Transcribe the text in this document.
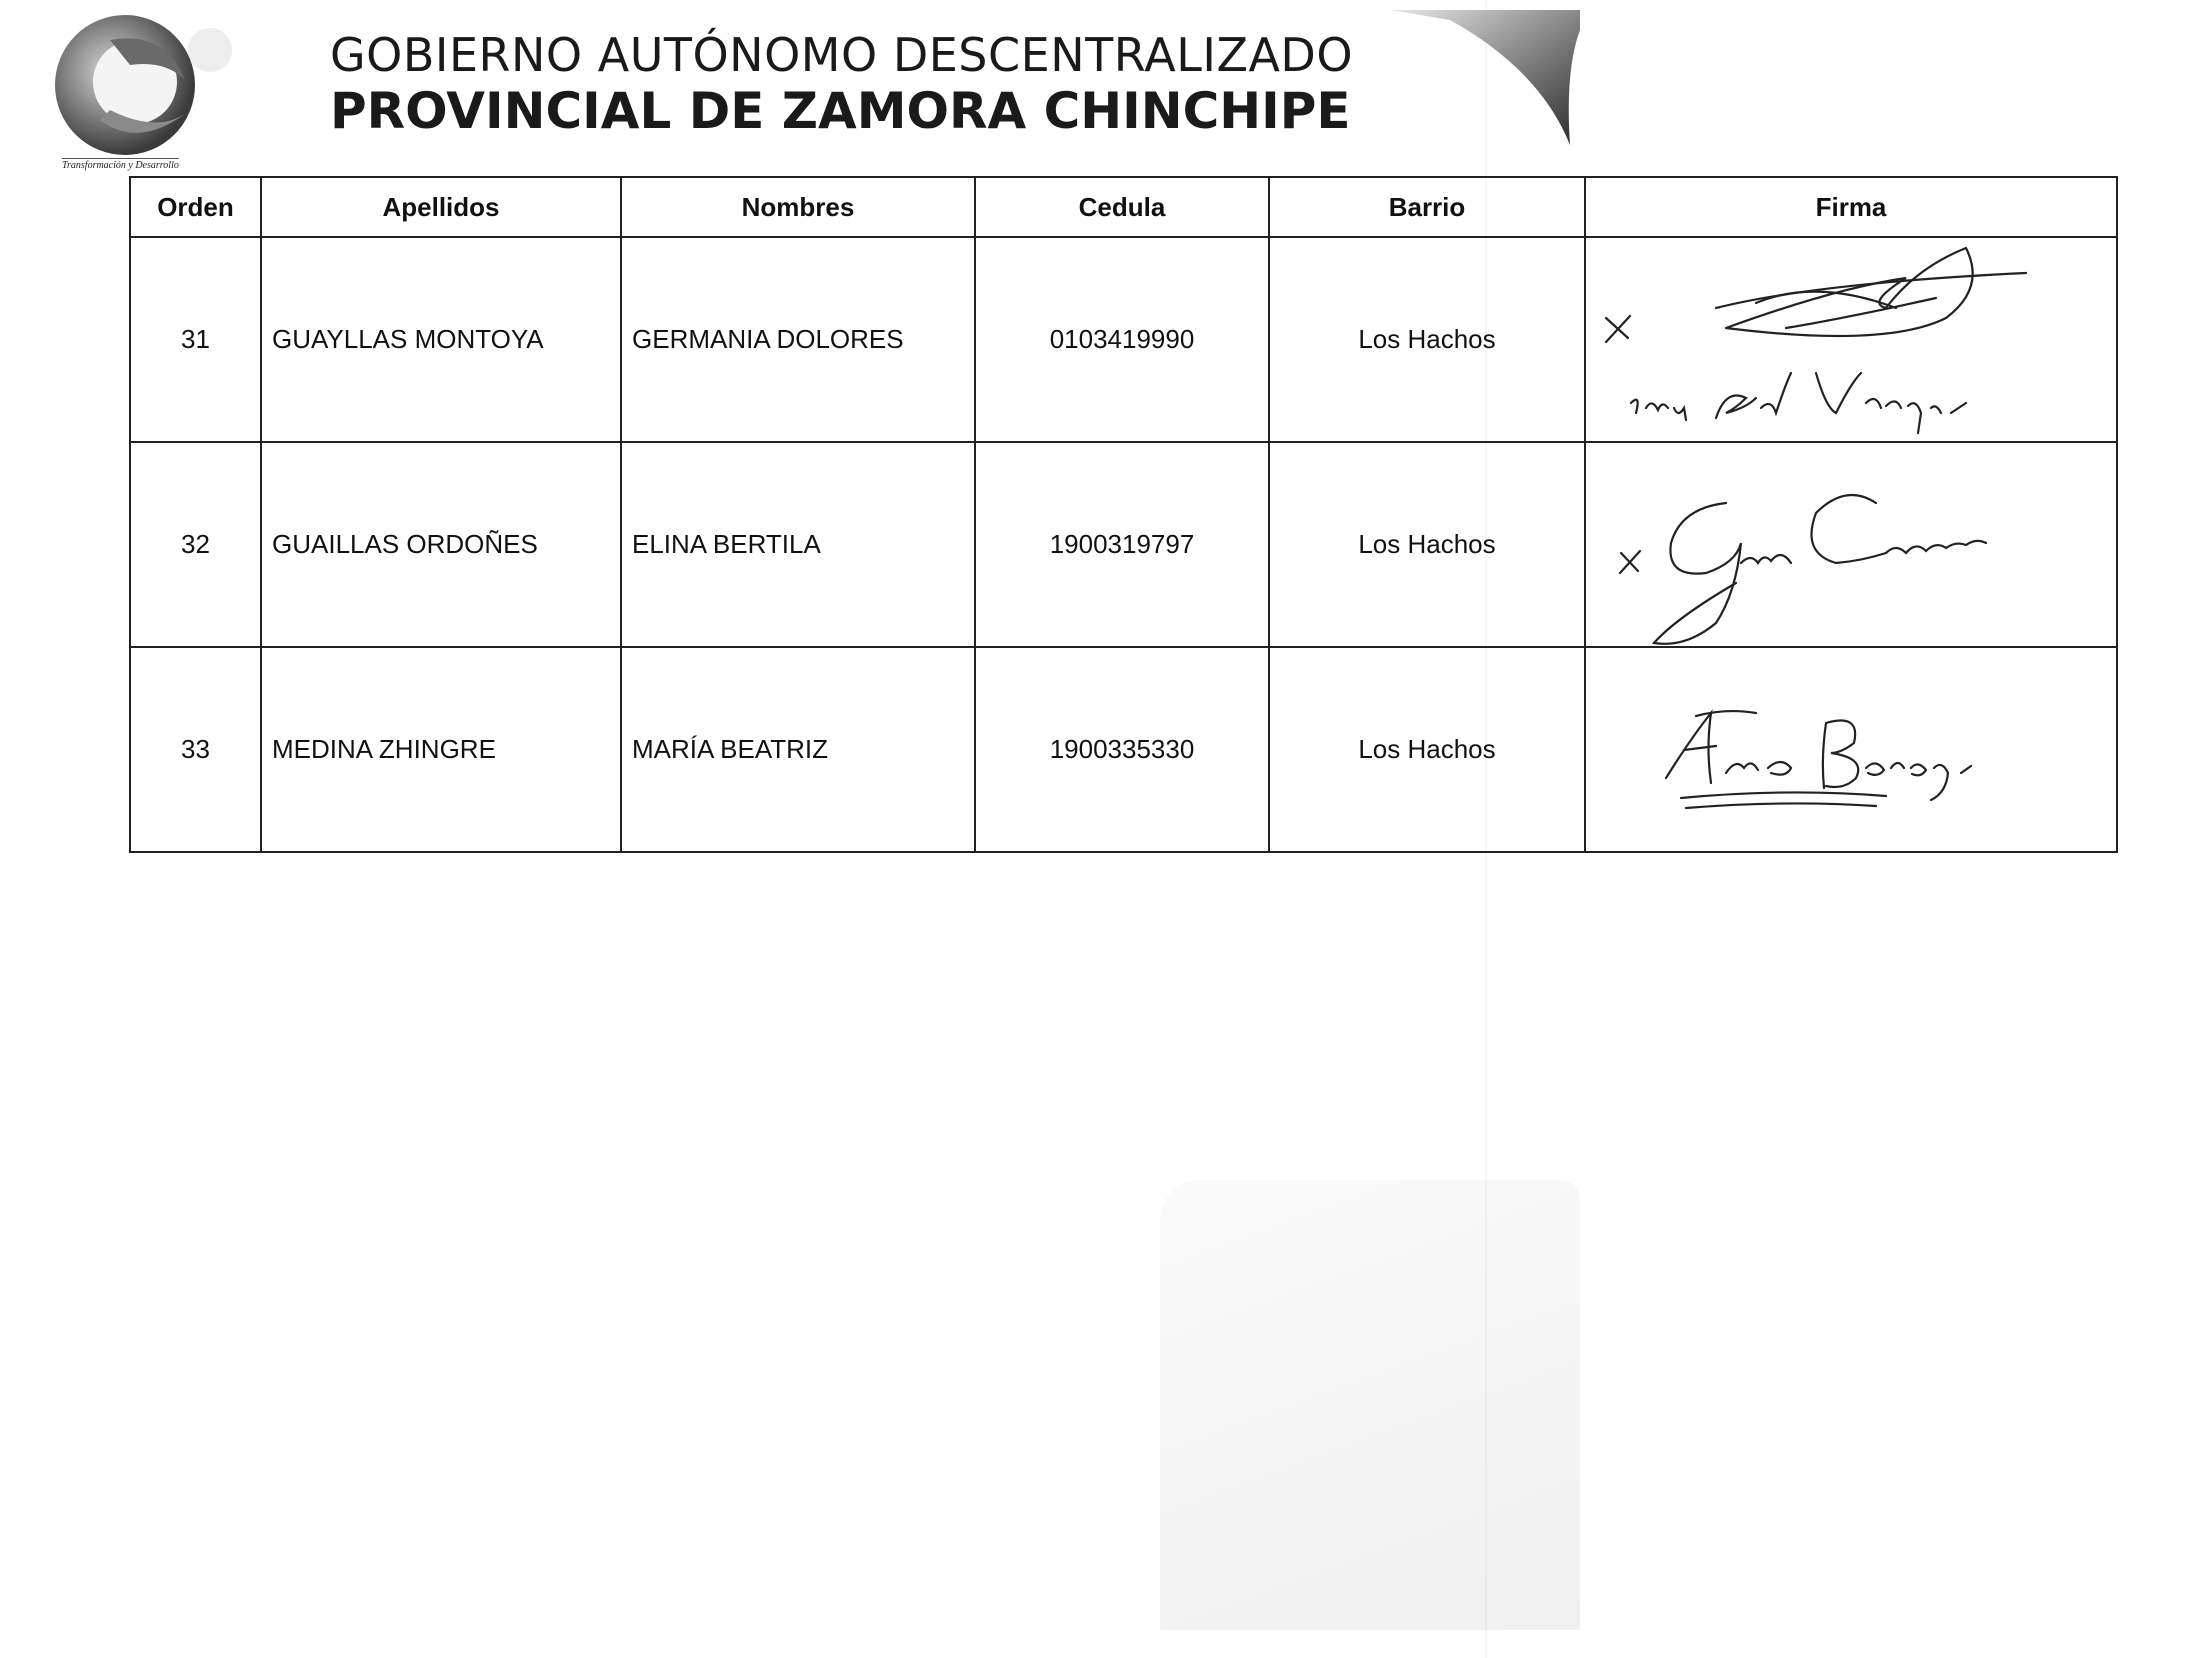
Transformación y Desarrollo
GOBIERNO AUTÓNOMO DESCENTRALIZADO
PROVINCIAL DE ZAMORA CHINCHIPE
Orden	Apellidos	Nombres	Cedula	Barrio	Firma
31	GUAYLLAS MONTOYA	GERMANIA DOLORES	0103419990	Los Hachos	

32	GUAILLAS ORDOÑES	ELINA BERTILA	1900319797	Los Hachos	

33	MEDINA ZHINGRE	MARÍA BEATRIZ	1900335330	Los Hachos	
